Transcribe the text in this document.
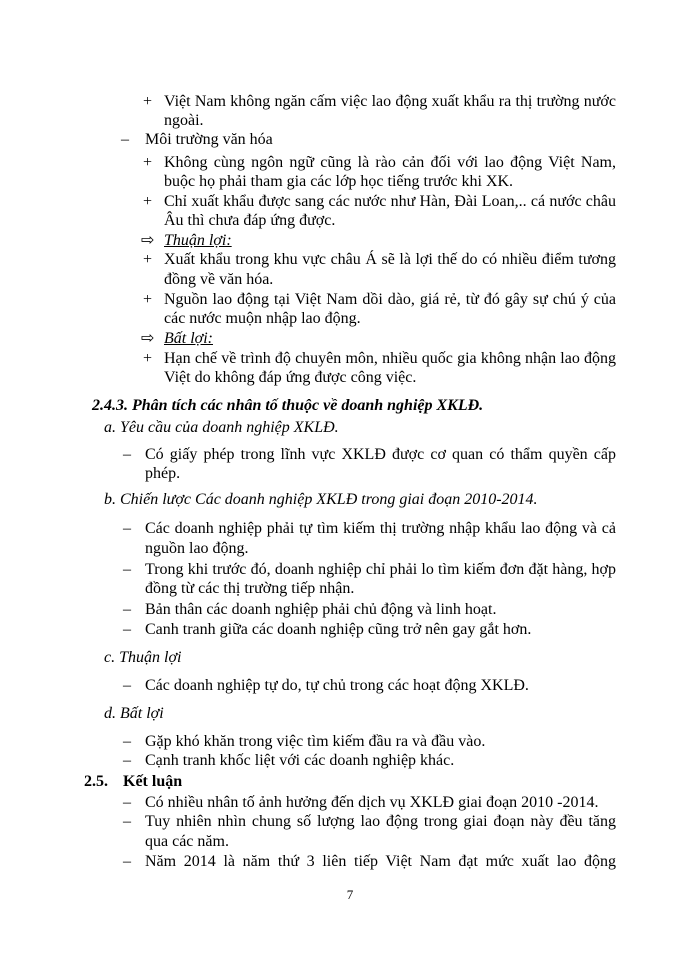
+
–
+
+
⇨
+
+
⇨
+
–
–
–
–
–
–
–
–
–
–
–
Việt Nam không ngăn cấm việc lao động xuất khẩu ra thị trường nước
ngoài.
Môi trường văn hóa
Không cùng ngôn ngữ cũng là rào cản đối với lao động Việt Nam,
buộc họ phải tham gia các lớp học tiếng trước khi XK.
Chỉ xuất khẩu được sang các nước như Hàn, Đài Loan,.. cá nước châu
Âu thì chưa đáp ứng được.
Thuận lợi:
Xuất khẩu trong khu vực châu Á sẽ là lợi thế do có nhiều điểm tương
đồng về văn hóa.
Nguồn lao động tại Việt Nam dồi dào, giá rẻ, từ đó gây sự chú ý của
các nước muộn nhập lao động.
Bất lợi:
Hạn chế về trình độ chuyên môn, nhiều quốc gia không nhận lao động
Việt do không đáp ứng được công việc.
2.4.3. Phân tích các nhân tố thuộc về doanh nghiệp XKLĐ.
a. Yêu cầu của doanh nghiệp XKLĐ.
Có giấy phép trong lĩnh vực XKLĐ được cơ quan có thẩm quyền cấp
phép.
b. Chiến lược Các doanh nghiệp XKLĐ trong giai đoạn 2010-2014.
Các doanh nghiệp phải tự tìm kiếm thị trường nhập khẩu lao động và cả
nguồn lao động.
Trong khi trước đó, doanh nghiệp chỉ phải lo tìm kiếm đơn đặt hàng, hợp
đồng từ các thị trường tiếp nhận.
Bản thân các doanh nghiệp phải chủ động và linh hoạt.
Canh tranh giữa các doanh nghiệp cũng trở nên gay gắt hơn.
c. Thuận lợi
Các doanh nghiệp tự do, tự chủ trong các hoạt động XKLĐ.
d. Bất lợi
Gặp khó khăn trong việc tìm kiếm đầu ra và đầu vào.
Cạnh tranh khốc liệt với các doanh nghiệp khác.
2.5. Kết luận
Có nhiều nhân tố ảnh hưởng đến dịch vụ XKLĐ giai đoạn 2010 -2014.
Tuy nhiên nhìn chung số lượng lao động trong giai đoạn này đều tăng
qua các năm.
Năm 2014 là năm thứ 3 liên tiếp Việt Nam đạt mức xuất lao động
7
